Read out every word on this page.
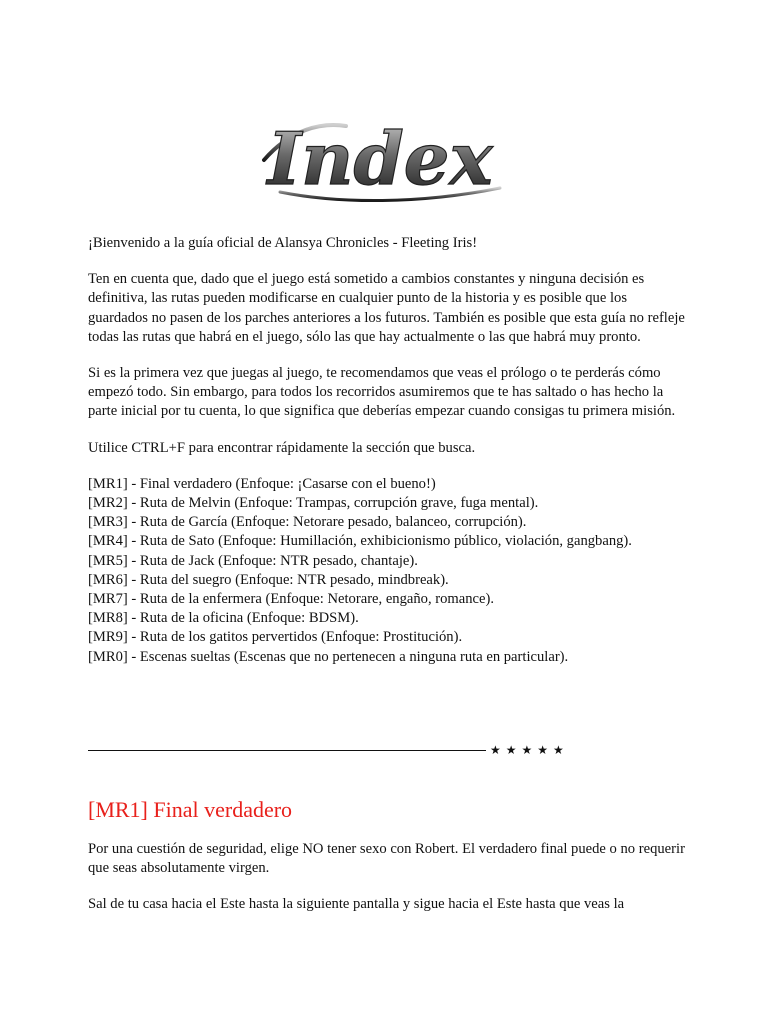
Index

¡Bienvenido a la guía oficial de Alansya Chronicles - Fleeting Iris!

Ten en cuenta que, dado que el juego está sometido a cambios constantes y ninguna decisión es definitiva, las rutas pueden modificarse en cualquier punto de la historia y es posible que los guardados no pasen de los parches anteriores a los futuros. También es posible que esta guía no refleje todas las rutas que habrá en el juego, sólo las que hay actualmente o las que habrá muy pronto.

Si es la primera vez que juegas al juego, te recomendamos que veas el prólogo o te perderás cómo empezó todo. Sin embargo, para todos los recorridos asumiremos que te has saltado o has hecho la parte inicial por tu cuenta, lo que significa que deberías empezar cuando consigas tu primera misión.

Utilice CTRL+F para encontrar rápidamente la sección que busca.

[MR1] - Final verdadero (Enfoque: ¡Casarse con el bueno!)
[MR2] - Ruta de Melvin (Enfoque: Trampas, corrupción grave, fuga mental).
[MR3] - Ruta de García (Enfoque: Netorare pesado, balanceo, corrupción).
[MR4] - Ruta de Sato (Enfoque: Humillación, exhibicionismo público, violación, gangbang).
[MR5] - Ruta de Jack (Enfoque: NTR pesado, chantaje).
[MR6] - Ruta del suegro (Enfoque: NTR pesado, mindbreak).
[MR7] - Ruta de la enfermera (Enfoque: Netorare, engaño, romance).
[MR8] - Ruta de la oficina (Enfoque: BDSM).
[MR9] - Ruta de los gatitos pervertidos (Enfoque: Prostitución).
[MR0] - Escenas sueltas (Escenas que no pertenecen a ninguna ruta en particular).
★★★★★
[MR1] Final verdadero

Por una cuestión de seguridad, elige NO tener sexo con Robert. El verdadero final puede o no requerir que seas absolutamente virgen.

Sal de tu casa hacia el Este hasta la siguiente pantalla y sigue hacia el Este hasta que veas la
